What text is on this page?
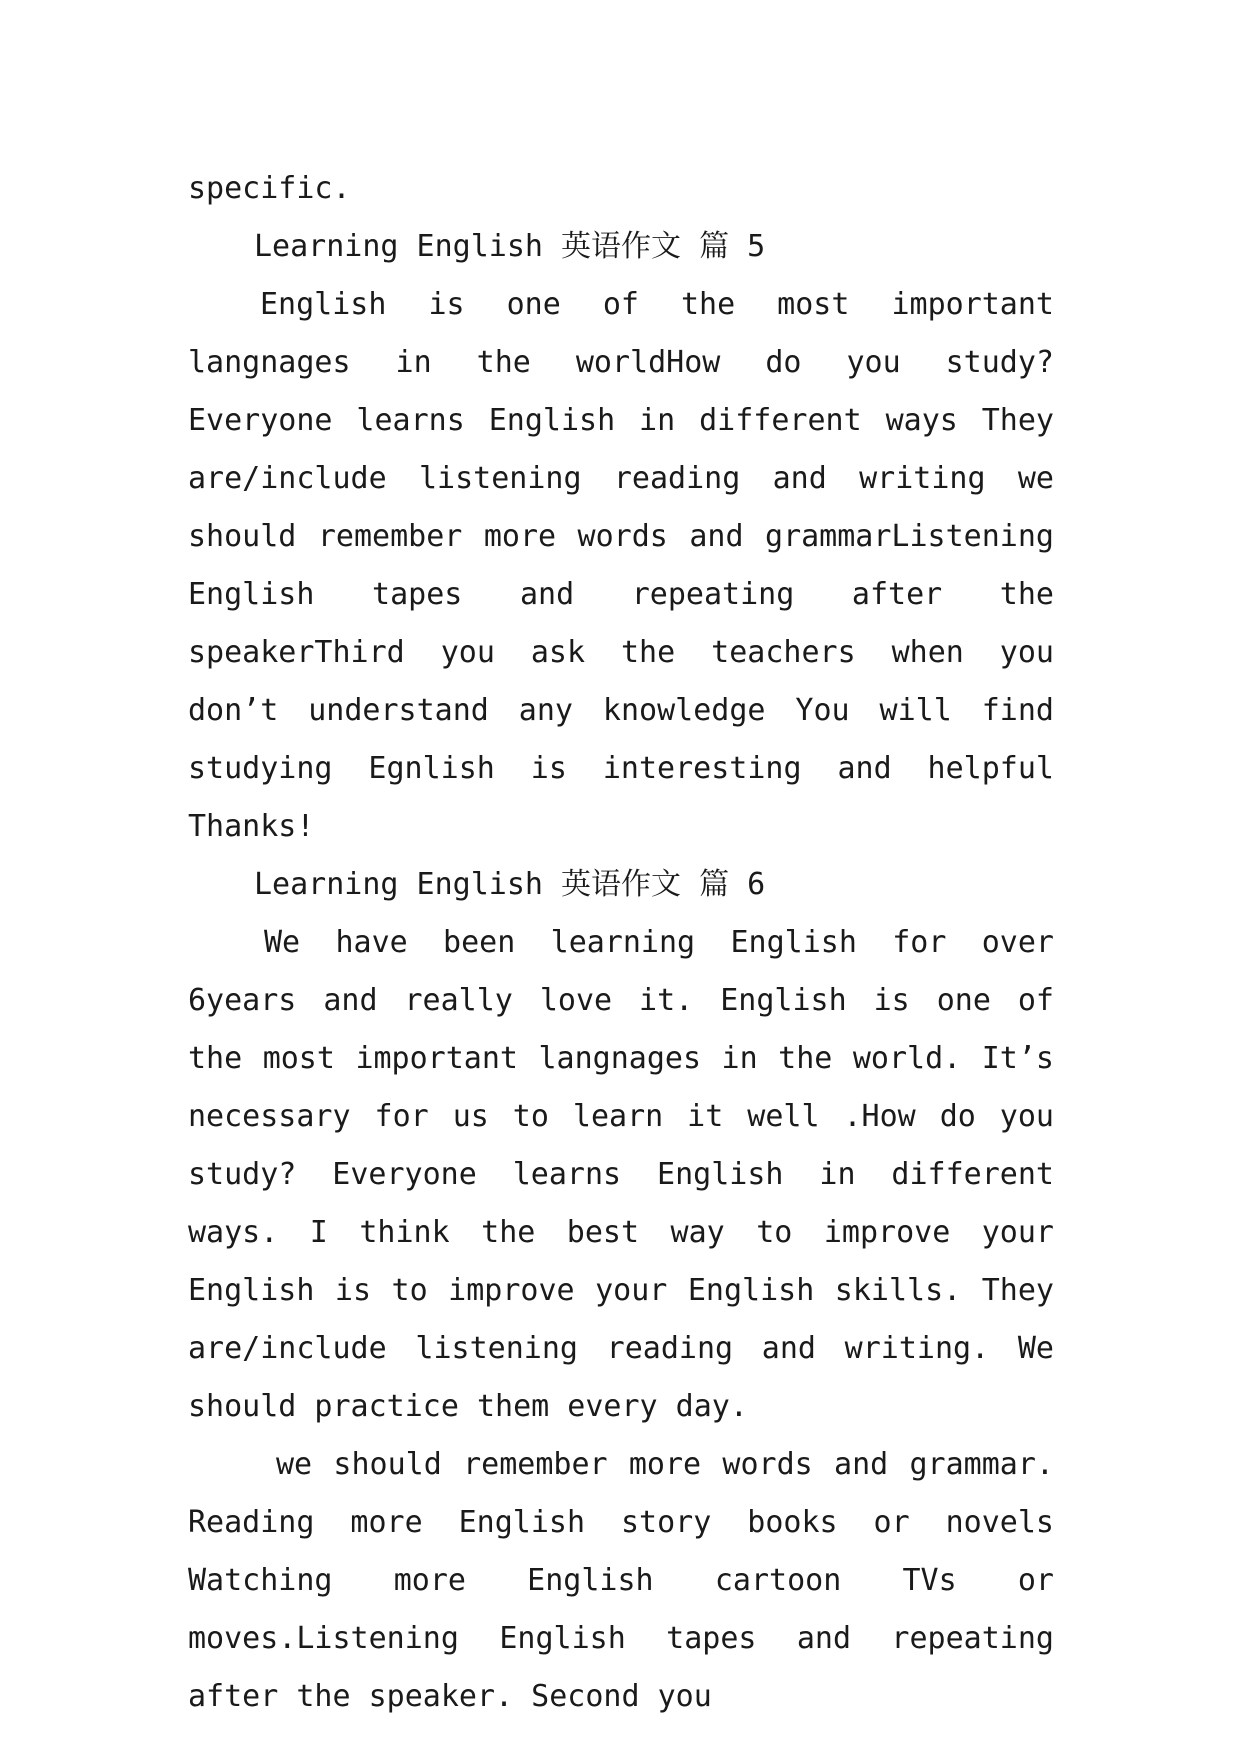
specific.

Learning English 英语作文 篇 5

English is one of the most important langnages in the worldHow do you study? Everyone learns English in different ways They are/include listening reading and writing we should remember more words and grammarListening English tapes and repeating after the speakerThird you ask the teachers when you don’t understand any knowledge You will find studying Egnlish is interesting and helpful Thanks!

Learning English 英语作文 篇 6

We have been learning English for over 6years and really love it. English is one of the most important langnages in the world. It’s necessary for us to learn it well .How do you study? Everyone learns English in different ways. I think the best way to improve your English is to improve your English skills. They are/include listening reading and writing. We should practice them every day.

we should remember more words and grammar. Reading more English story books or novels Watching more English cartoon TVs or moves.Listening English tapes and repeating after the speaker. Second you
